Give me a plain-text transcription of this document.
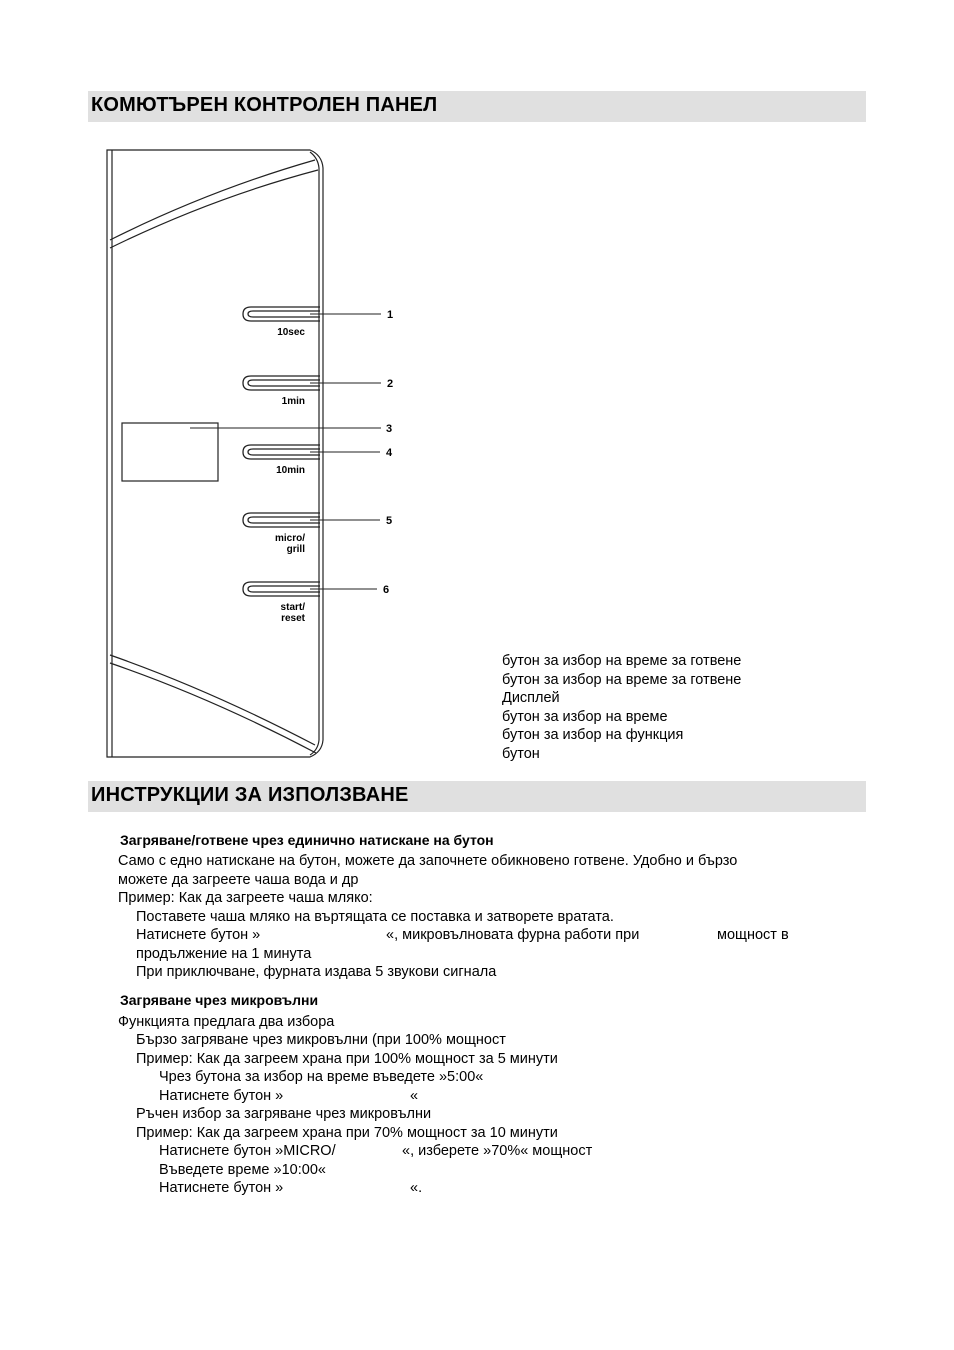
КОМЮТЪРЕН КОНТРОЛЕН ПАНЕЛ
10sec
1min
10min
micro/
grill
start/
reset
1
2
4
5
6
3
бутон за избор на време за готвене
бутон за избор на време за готвене
Дисплей
бутон за избор на време
бутон за избор на функция
бутон
ИНСТРУКЦИИ ЗА ИЗПОЛЗВАНЕ
Загряване/готвене чрез единично натискане на бутон
Само с едно натискане на бутон, можете да започнете обикновено готвене. Удобно и бързо
можете да загреете чаша вода и др
Пример: Как да загреете чаша мляко:
Поставете чаша мляко на въртящата се поставка и затворете вратата.
Натиснете бутон »	«, микровълновата фурна работи при	мощност в
продължение на 1 минута
При приключване, фурната издава 5 звукови сигнала
Загряване чрез микровълни
Функцията предлага два избора
Бързо загряване чрез микровълни (при 100% мощност
Пример: Как да загреем храна при 100% мощност за 5 минути
Чрез бутона за избор на време въведете »5:00«
Натиснете бутон »	«
Ръчен избор за загряване чрез микровълни
Пример: Как да загреем храна при 70% мощност за 10 минути
Натиснете бутон »MICRO/	«, изберете »70%« мощност
Въведете време »10:00«
Натиснете бутон »	«.
